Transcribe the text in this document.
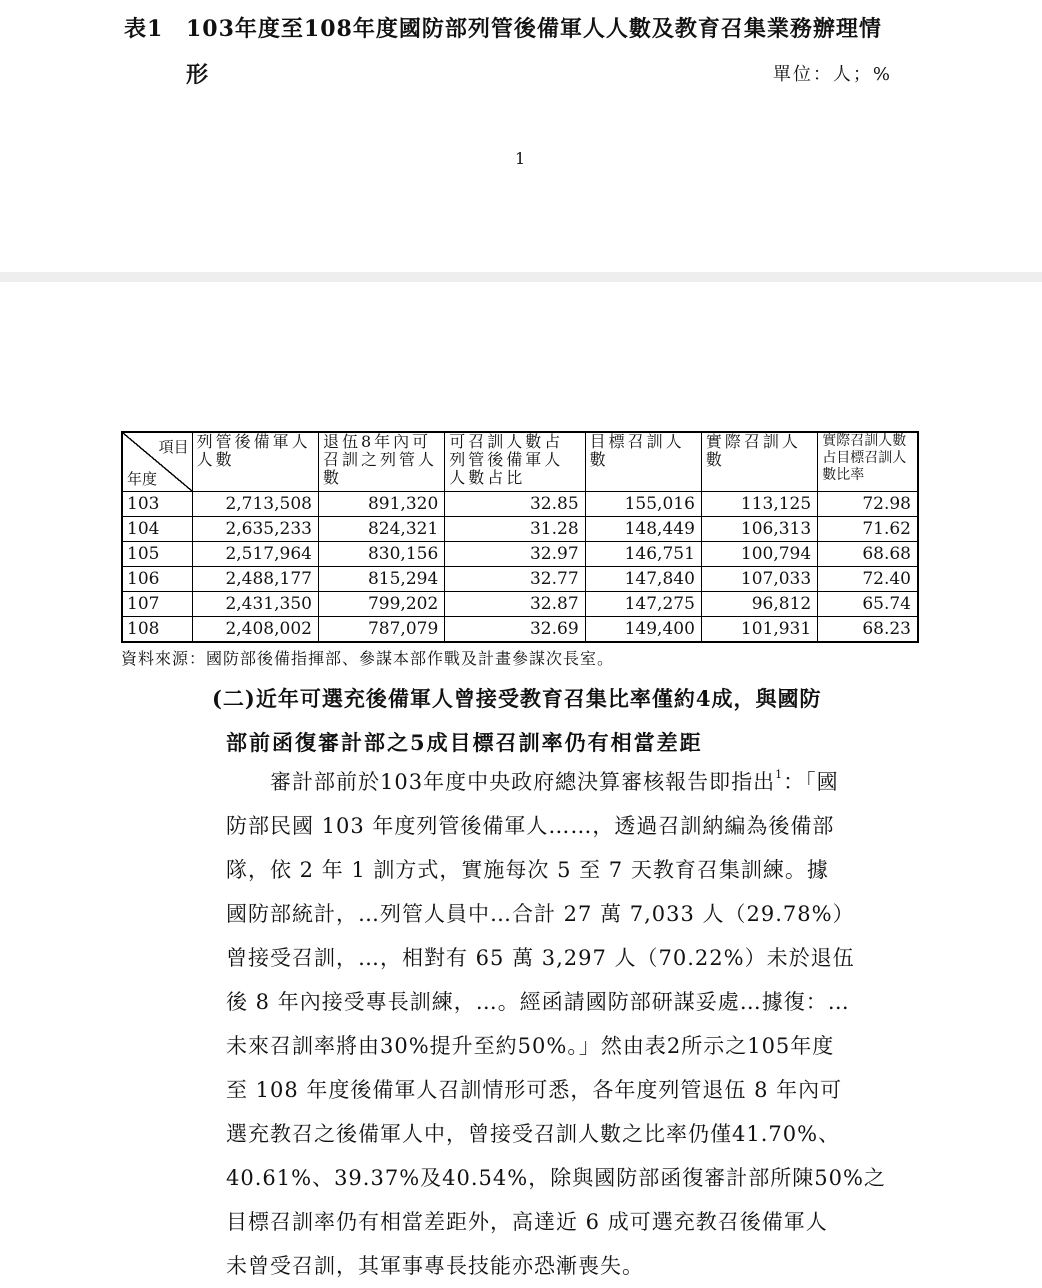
表1 103年度至108年度國防部列管後備軍人人數及教育召集業務辦理情
形	單位：人；%
1
項目
年度	列管後備軍人人數	退伍8年內可召訓之列管人數	可召訓人數占列管後備軍人人數占比	目標召訓人數	實際召訓人數	實際召訓人數占目標召訓人數比率
103	2,713,508	891,320	32.85	155,016	113,125	72.98
104	2,635,233	824,321	31.28	148,449	106,313	71.62
105	2,517,964	830,156	32.97	146,751	100,794	68.68
106	2,488,177	815,294	32.77	147,840	107,033	72.40
107	2,431,350	799,202	32.87	147,275	96,812	65.74
108	2,408,002	787,079	32.69	149,400	101,931	68.23
資料來源：國防部後備指揮部、參謀本部作戰及計畫參謀次長室。
(二)近年可選充後備軍人曾接受教育召集比率僅約4成，與國防
部前函復審計部之5成目標召訓率仍有相當差距
審計部前於103年度中央政府總決算審核報告即指出$^1$：「國
防部民國 103 年度列管後備軍人……，透過召訓納編為後備部
隊，依 2 年 1 訓方式，實施每次 5 至 7 天教育召集訓練。據
國防部統計，…列管人員中…合計 27 萬 7,033 人（29.78%）
曾接受召訓，…，相對有 65 萬 3,297 人（70.22%）未於退伍
後 8 年內接受專長訓練，…。經函請國防部研謀妥處…據復：…
未來召訓率將由30%提升至約50%。」然由表2所示之105年度
至 108 年度後備軍人召訓情形可悉，各年度列管退伍 8 年內可
選充教召之後備軍人中，曾接受召訓人數之比率仍僅41.70%、
40.61%、39.37%及40.54%，除與國防部函復審計部所陳50%之
目標召訓率仍有相當差距外，高達近 6 成可選充教召後備軍人
未曾受召訓，其軍事專長技能亦恐漸喪失。
